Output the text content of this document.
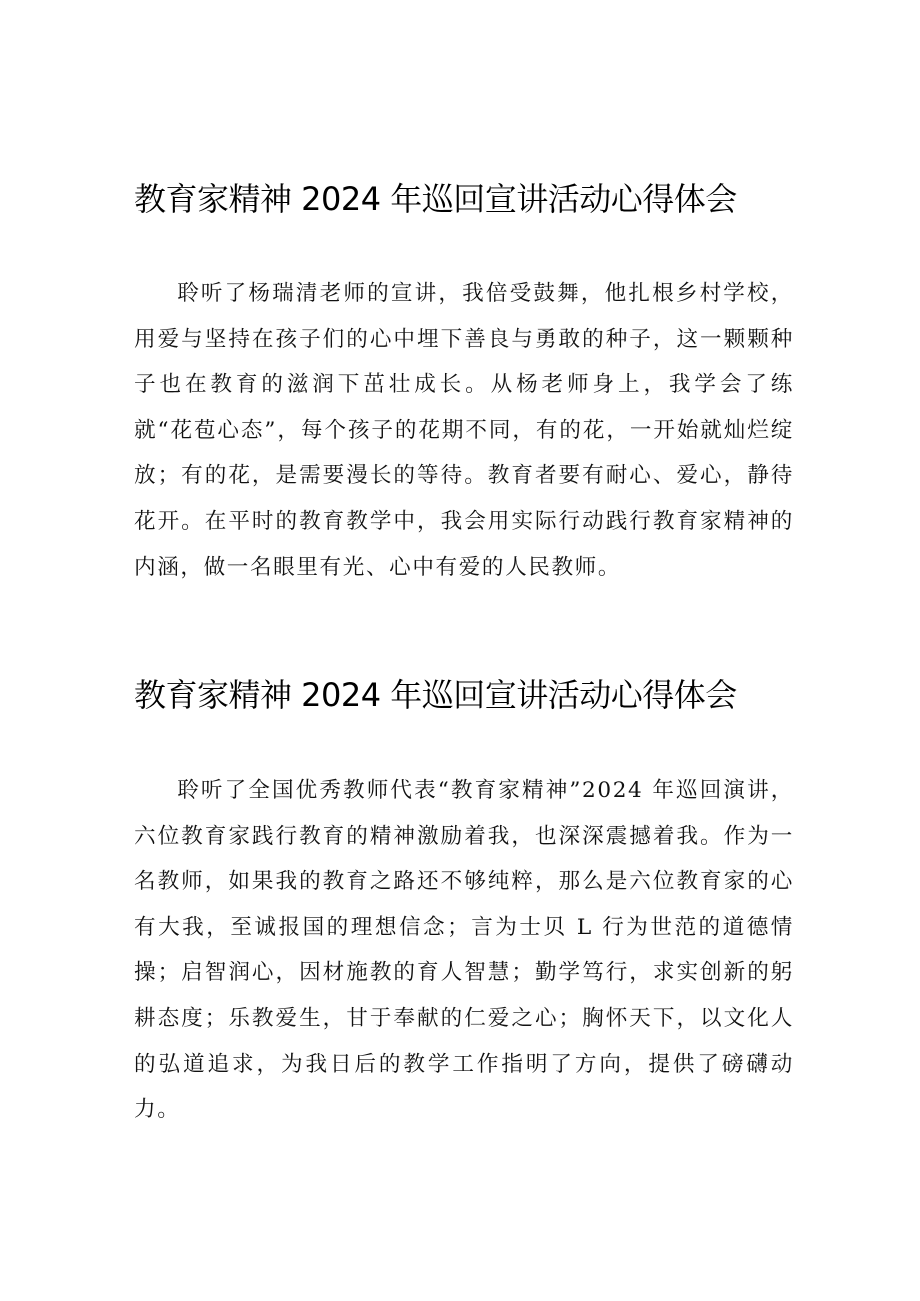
教育家精神 2024 年巡回宣讲活动心得体会

聆听了杨瑞清老师的宣讲，我倍受鼓舞，他扎根乡村学校，用爱与坚持在孩子们的心中埋下善良与勇敢的种子，这一颗颗种子也在教育的滋润下茁壮成长。从杨老师身上，我学会了练就“花苞心态”，每个孩子的花期不同，有的花，一开始就灿烂绽放；有的花，是需要漫长的等待。教育者要有耐心、爱心，静待花开。在平时的教育教学中，我会用实际行动践行教育家精神的内涵，做一名眼里有光、心中有爱的人民教师。

教育家精神 2024 年巡回宣讲活动心得体会

聆听了全国优秀教师代表“教育家精神”2024 年巡回演讲，六位教育家践行教育的精神激励着我，也深深震撼着我。作为一名教师，如果我的教育之路还不够纯粹，那么是六位教育家的心有大我，至诚报国的理想信念；言为士贝 L 行为世范的道德情操；启智润心，因材施教的育人智慧；勤学笃行，求实创新的躬耕态度；乐教爱生，甘于奉献的仁爱之心；胸怀天下，以文化人的弘道追求，为我日后的教学工作指明了方向，提供了磅礴动力。
